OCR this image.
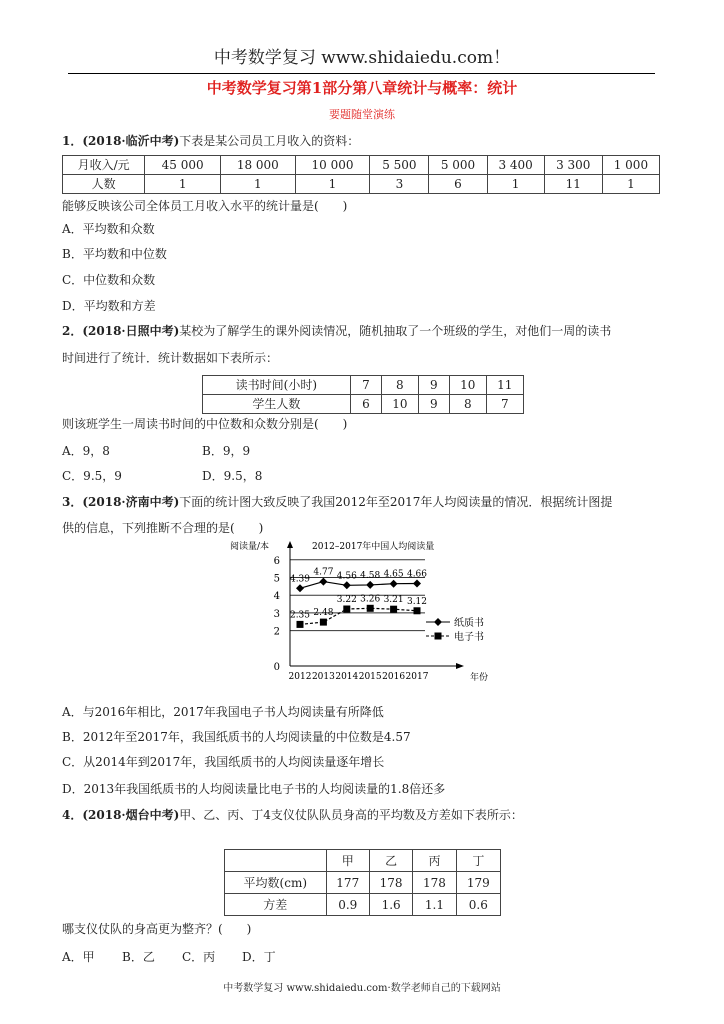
中考数学复习 www.shidaiedu.com！
中考数学复习第1部分第八章统计与概率：统计
要题随堂演练
1．(2018·临沂中考)下表是某公司员工月收入的资料：
月收入/元	45 000	18 000	10 000	5 500	5 000	3 400	3 300	1 000
人数	1	1	1	3	6	1	11	1
能够反映该公司全体员工月收入水平的统计量是(　　)
A．平均数和众数
B．平均数和中位数
C．中位数和众数
D．平均数和方差
2．(2018·日照中考)某校为了解学生的课外阅读情况，随机抽取了一个班级的学生，对他们一周的读书
时间进行了统计．统计数据如下表所示：
读书时间(小时)	7	8	9	10	11
学生人数	6	10	9	8	7
则该班学生一周读书时间的中位数和众数分别是(　　)
A．9，8	B．9，9
C．9.5，9	D．9.5，8
3．(2018·济南中考)下面的统计图大致反映了我国2012年至2017年人均阅读量的情况．根据统计图提
供的信息，下列推断不合理的是(　　)
0
2
3
4
5
6
2012 2013 2014 2015 2016 2017	年份
阅读量/本	2012–2017年中国人均阅读量
4.39
4.77 4.56 4.58 4.65 4.66
纸质书
2.35 2.48
3.22 3.26 3.21 3.12
电子书
A．与2016年相比，2017年我国电子书人均阅读量有所降低
B．2012年至2017年，我国纸质书的人均阅读量的中位数是4.57
C．从2014年到2017年，我国纸质书的人均阅读量逐年增长
D．2013年我国纸质书的人均阅读量比电子书的人均阅读量的1.8倍还多
4．(2018·烟台中考)甲、乙、丙、丁4支仪仗队队员身高的平均数及方差如下表所示：
	甲	乙	丙	丁
平均数(cm)	177	178	178	179
方差	0.9	1.6	1.1	0.6
哪支仪仗队的身高更为整齐？(　　)
A．甲 B．乙 C．丙 D．丁
中考数学复习 www.shidaiedu.com·数学老师自己的下载网站
